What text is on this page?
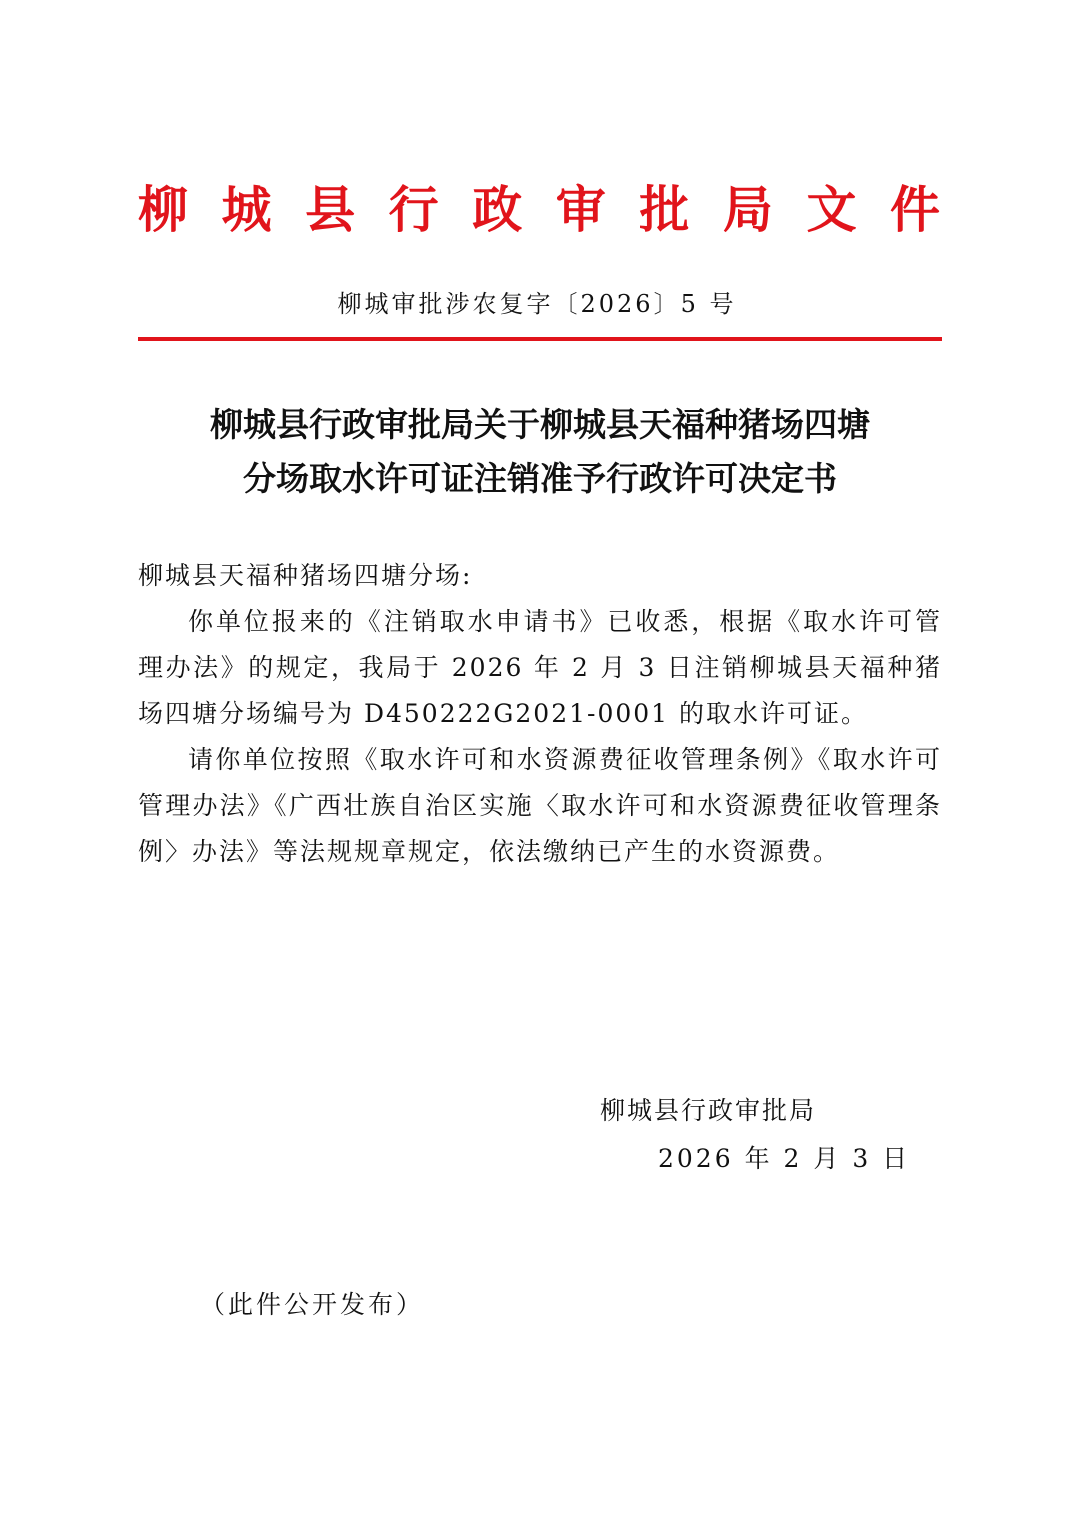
柳 城 县 行 政 审 批 局 文 件
柳城审批涉农复字〔2026〕5 号
柳城县行政审批局关于柳城县天福种猪场四塘
分场取水许可证注销准予行政许可决定书

柳城县天福种猪场四塘分场:

你单位报来的《注销取水申请书》已收悉，根据《取水许可管理办法》的规定，我局于 2026 年 2 月 3 日注销柳城县天福种猪场四塘分场编号为 D450222G2021-0001 的取水许可证。

请你单位按照《取水许可和水资源费征收管理条例》《取水许可管理办法》《广西壮族自治区实施〈取水许可和水资源费征收管理条例〉办法》等法规规章规定，依法缴纳已产生的水资源费。

柳城县行政审批局
2026 年 2 月 3 日
（此件公开发布）
